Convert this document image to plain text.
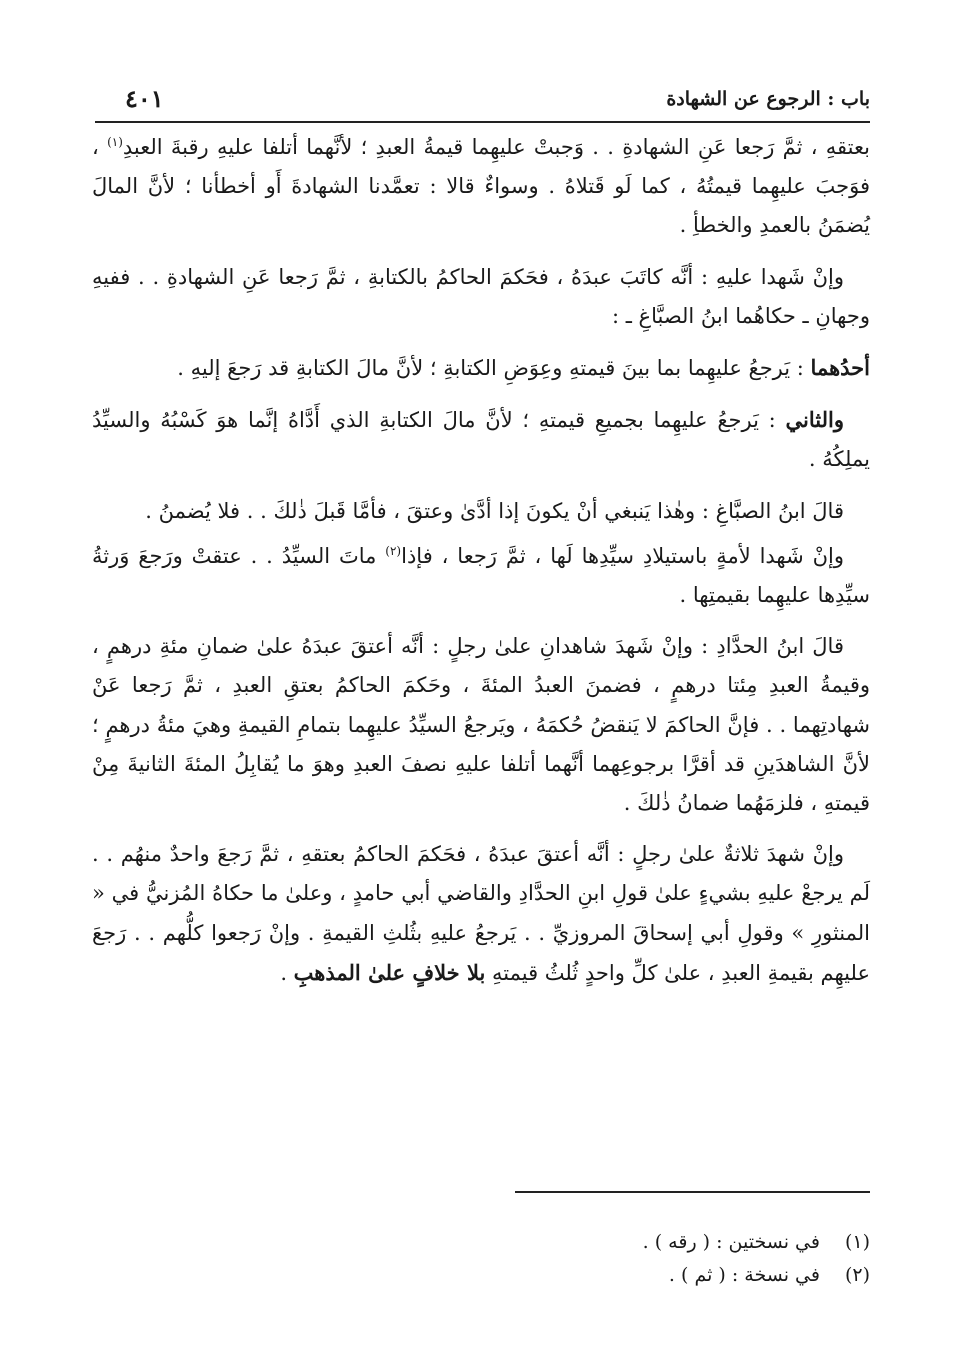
باب : الرجوع عن الشهادة
٤٠١

بعتقهِ ، ثمَّ رَجعا عَنِ الشهادةِ . . وَجبتْ عليهِما قيمةُ العبدِ ؛ لأنَّهما أتلفا عليهِ رقبةَ العبدِ$^{(١)}$ ، فوَجبَ عليهِما قيمتُهُ ، كما لَو قَتلاهُ . وسواءٌ قالا : تعمَّدنا الشهادةَ أَو أخطأنا ؛ لأنَّ المالَ يُضمَنُ بالعمدِ والخطأِ .

وإنْ شَهدا عليهِ : أنَّه كاتَبَ عبدَهُ ، فحَكمَ الحاكمُ بالكتابةِ ، ثمَّ رَجعا عَنِ الشهادةِ . . ففيهِ وجهانِ ـ حكاهُما ابنُ الصبَّاغِ ـ :

أحدُهما : يَرجعُ عليهِما بما بينَ قيمتهِ وعِوَضِ الكتابةِ ؛ لأنَّ مالَ الكتابةِ قد رَجعَ إليهِ .

والثاني : يَرجعُ عليهِما بجميعِ قيمتهِ ؛ لأنَّ مالَ الكتابةِ الذي أَدَّاهُ إنَّما هوَ كَسْبُهُ والسيِّدُ يملِكُهُ .

قالَ ابنُ الصبَّاغِ : وهٰذا يَنبغي أنْ يكونَ إذا أدَّىٰ وعتقَ ، فأمَّا قَبلَ ذٰلكَ . . فلا يُضمنُ .

وإنْ شَهدا لأمةٍ باستيلادِ سيِّدِها لَها ، ثمَّ رَجعا ، فإذا$^{(٢)}$ ماتَ السيِّدُ . . عتقتْ ورَجعَ وَرثةُ سيِّدِها عليهِما بقيمتِها .

قالَ ابنُ الحدَّادِ : وإنْ شَهدَ شاهدانِ علىٰ رجلٍ : أنَّه أعتقَ عبدَهُ علىٰ ضمانِ مئةِ درهمٍ ، وقيمةُ العبدِ مِئتا درهمٍ ، فضمنَ العبدُ المئةَ ، وحَكمَ الحاكمُ بعتقِ العبدِ ، ثمَّ رَجعا عَنْ شهادتِهما . . فإنَّ الحاكمَ لا يَنقضُ حُكمَهُ ، ويَرجعُ السيِّدُ عليهِما بتمامِ القيمةِ وهيَ مئةُ درهمٍ ؛ لأنَّ الشاهدَينِ قد أقرَّا برجوعِهما أنَّهما أتلفا عليهِ نصفَ العبدِ وهوَ ما يُقابِلُ المئةَ الثانيةَ مِنْ قيمتهِ ، فلزمَهُما ضمانُ ذٰلكَ .

وإنْ شهدَ ثلاثةٌ علىٰ رجلٍ : أنَّه أعتقَ عبدَهُ ، فحَكمَ الحاكمُ بعتقهِ ، ثمَّ رَجعَ واحدٌ منهُم . . لَم يرجعْ عليهِ بشيءٍ علىٰ قولِ ابنِ الحدَّادِ والقاضي أبي حامدٍ ، وعلىٰ ما حكاهُ المُزنيُّ في « المنثورِ » وقولِ أبي إسحاقَ المروزيِّ . . يَرجعُ عليهِ بثُلثِ القيمةِ . وإنْ رَجعوا كلُّهم . . رَجعَ عليهِم بقيمةِ العبدِ ، علىٰ كلِّ واحدٍ ثُلثُ قيمتهِ بلا خلافٍ علىٰ المذهبِ .

(١) في نسختين : ( رقه ) .
(٢) في نسخة : ( ثم ) .
